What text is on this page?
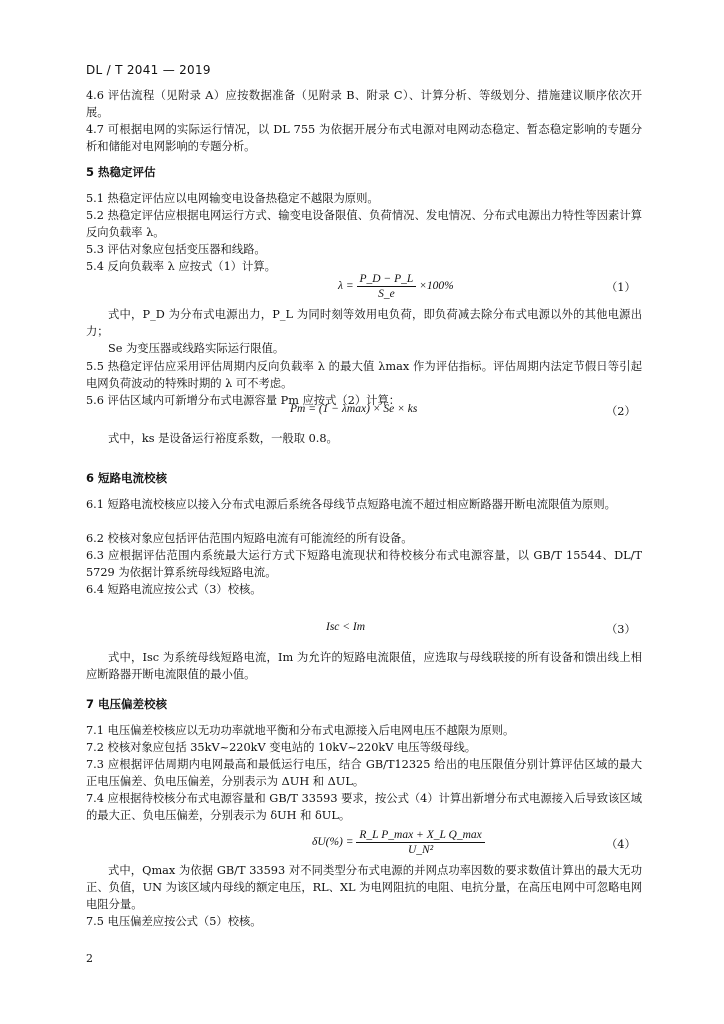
DL / T 2041 — 2019
4.6 评估流程（见附录 A）应按数据准备（见附录 B、附录 C）、计算分析、等级划分、措施建议顺序依次开展。
4.7 可根据电网的实际运行情况，以 DL 755 为依据开展分布式电源对电网动态稳定、暂态稳定影响的专题分析和储能对电网影响的专题分析。
5 热稳定评估
5.1 热稳定评估应以电网输变电设备热稳定不越限为原则。
5.2 热稳定评估应根据电网运行方式、输变电设备限值、负荷情况、发电情况、分布式电源出力特性等因素计算反向负载率 λ。
5.3 评估对象应包括变压器和线路。
5.4 反向负载率 λ 应按式（1）计算。
$\lambda = \frac{P\_D - P\_L}{S\_e} \times 100\%$	（1）
式中，P_D 为分布式电源出力，P_L 为同时刻等效用电负荷，即负荷减去除分布式电源以外的其他电源出力；
Se 为变压器或线路实际运行限值。
5.5 热稳定评估应采用评估周期内反向负载率 λ 的最大值 λmax 作为评估指标。评估周期内法定节假日等引起电网负荷波动的特殊时期的 λ 可不考虑。
5.6 评估区域内可新增分布式电源容量 Pm 应按式（2）计算：
Pm = (1 − λmax) × Se × ks	（2）
式中，ks 是设备运行裕度系数，一般取 0.8。
6 短路电流校核
6.1 短路电流校核应以接入分布式电源后系统各母线节点短路电流不超过相应断路器开断电流限值为原则。
6.2 校核对象应包括评估范围内短路电流有可能流经的所有设备。
6.3 应根据评估范围内系统最大运行方式下短路电流现状和待校核分布式电源容量，以 GB/T 15544、DL/T 5729 为依据计算系统母线短路电流。
6.4 短路电流应按公式（3）校核。
Isc < Im	（3）
式中，Isc 为系统母线短路电流，Im 为允许的短路电流限值，应选取与母线联接的所有设备和馈出线上相应断路器开断电流限值的最小值。
7 电压偏差校核
7.1 电压偏差校核应以无功功率就地平衡和分布式电源接入后电网电压不越限为原则。
7.2 校核对象应包括 35kV~220kV 变电站的 10kV~220kV 电压等级母线。
7.3 应根据评估周期内电网最高和最低运行电压，结合 GB/T12325 给出的电压限值分别计算评估区域的最大正电压偏差、负电压偏差，分别表示为 ΔUH 和 ΔUL。
7.4 应根据待校核分布式电源容量和 GB/T 33593 要求，按公式（4）计算出新增分布式电源接入后导致该区域的最大正、负电压偏差，分别表示为 δUH 和 δUL。
$\delta U(\%) = \frac{\text{R\_L P\_max + X\_L Q\_max}}{\text{U\_N²}}$	（4）
式中，Qmax 为依据 GB/T 33593 对不同类型分布式电源的并网点功率因数的要求数值计算出的最大无功正、负值，UN 为该区域内母线的额定电压，RL、XL 为电网阻抗的电阻、电抗分量，在高压电网中可忽略电网电阻分量。
7.5 电压偏差应按公式（5）校核。
2
